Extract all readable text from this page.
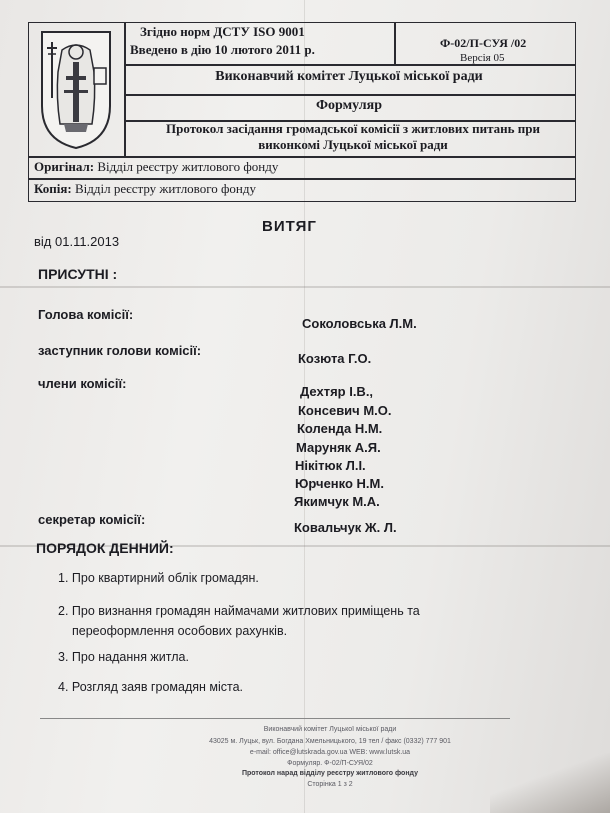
Згідно норм ДСТУ ISO 9001
Введено в дію 10 лютого 2011 р.	Ф-02/П-СУЯ /02
Версія 05
Виконавчий комітет Луцької міської ради
Формуляр
Протокол засідання громадської комісії з житлових питань при виконкомі Луцької міської ради
Оригінал: Відділ реєстру житлового фонду
Копія: Відділ реєстру житлового фонду
ВИТЯГ
від 01.11.2013
ПРИСУТНІ :
Голова комісії:
Соколовська Л.М.
заступник голови комісії:
Козюта Г.О.
члени комісії:
Дехтяр І.В.,
Консевич М.О.
Коленда Н.М.
Маруняк А.Я.
Нікітюк Л.І.
Юрченко Н.М.
Якимчук М.А.
секретар комісії:
Ковальчук Ж. Л.
ПОРЯДОК ДЕННИЙ:
1. Про квартирний облік громадян.
2. Про визнання громадян наймачами житлових приміщень та
переоформлення особових рахунків.
3. Про надання житла.
4. Розгляд заяв громадян міста.
Виконавчий комітет Луцької міської ради
43025 м. Луцьк, вул. Богдана Хмельницького, 19 тел / факс (0332) 777 901
e-mail: office@lutskrada.gov.ua WEB: www.lutsk.ua
Формуляр. Ф-02/П-СУЯ/02
Протокол нарад відділу реєстру житлового фонду
Сторінка 1 з 2
